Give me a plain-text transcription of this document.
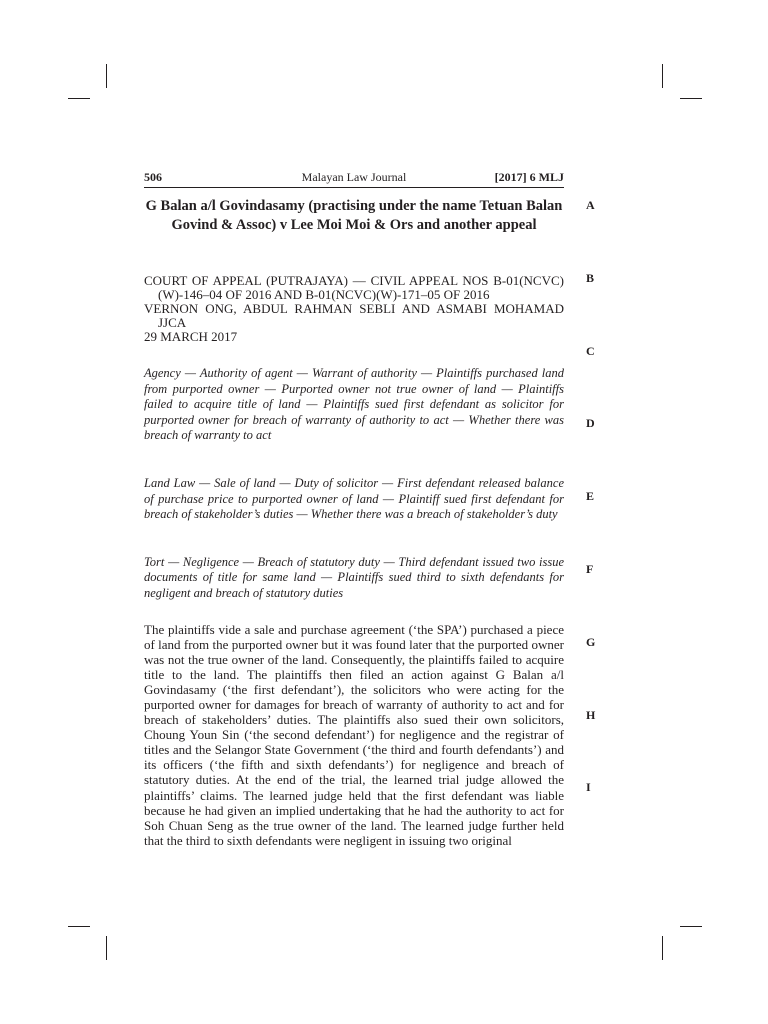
506	Malayan Law Journal	[2017] 6 MLJ
A
B
C
D
E
F
G
H
I
G Balan a/l Govindasamy (practising under the name Tetuan Balan Govind & Assoc) v Lee Moi Moi & Ors and another appeal
COURT OF APPEAL (PUTRAJAYA) — CIVIL APPEAL NOS B-01(NCVC)(W)-146–04 OF 2016 AND B-01(NCVC)(W)-171–05 OF 2016
VERNON ONG, ABDUL RAHMAN SEBLI AND ASMABI MOHAMAD JJCA
29 MARCH 2017

Agency — Authority of agent — Warrant of authority — Plaintiffs purchased land from purported owner — Purported owner not true owner of land — Plaintiffs failed to acquire title of land — Plaintiffs sued first defendant as solicitor for purported owner for breach of warranty of authority to act — Whether there was breach of warranty to act

Land Law — Sale of land — Duty of solicitor — First defendant released balance of purchase price to purported owner of land — Plaintiff sued first defendant for breach of stakeholder’s duties — Whether there was a breach of stakeholder’s duty

Tort — Negligence — Breach of statutory duty — Third defendant issued two issue documents of title for same land — Plaintiffs sued third to sixth defendants for negligent and breach of statutory duties

The plaintiffs vide a sale and purchase agreement (‘the SPA’) purchased a piece of land from the purported owner but it was found later that the purported owner was not the true owner of the land. Consequently, the plaintiffs failed to acquire title to the land. The plaintiffs then filed an action against G Balan a/l Govindasamy (‘the first defendant’), the solicitors who were acting for the purported owner for damages for breach of warranty of authority to act and for breach of stakeholders’ duties. The plaintiffs also sued their own solicitors, Choung Youn Sin (‘the second defendant’) for negligence and the registrar of titles and the Selangor State Government (‘the third and fourth defendants’) and its officers (‘the fifth and sixth defendants’) for negligence and breach of statutory duties. At the end of the trial, the learned trial judge allowed the plaintiffs’ claims. The learned judge held that the first defendant was liable because he had given an implied undertaking that he had the authority to act for Soh Chuan Seng as the true owner of the land. The learned judge further held that the third to sixth defendants were negligent in issuing two original
